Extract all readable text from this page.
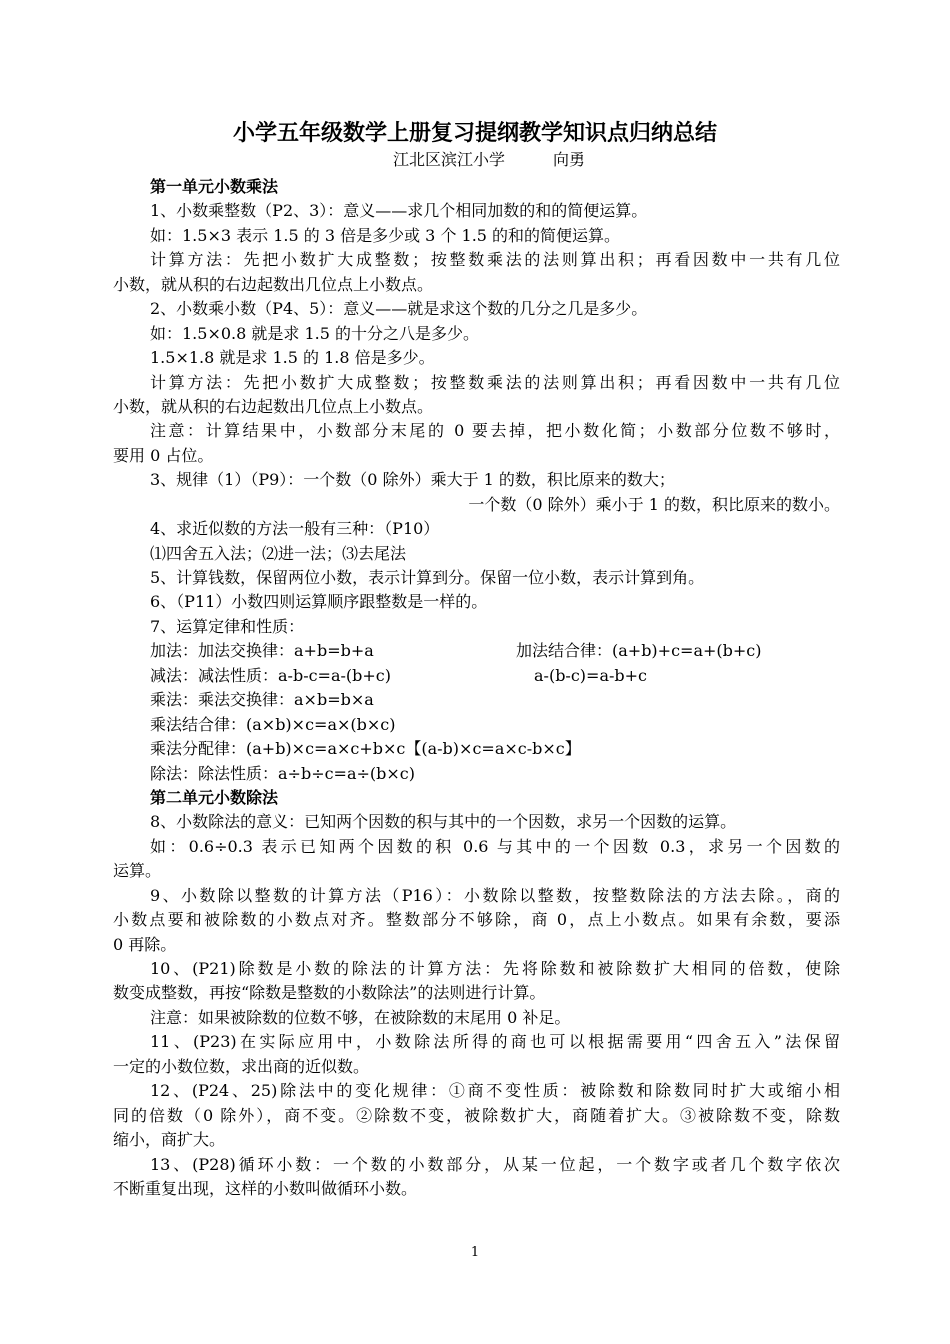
小学五年级数学上册复习提纲教学知识点归纳总结
江北区滨江小学	向勇
第一单元小数乘法
1、小数乘整数（P2、3）：意义——求几个相同加数的和的简便运算。
如：1.5×3 表示 1.5 的 3 倍是多少或 3 个 1.5 的和的简便运算。
计算方法：先把小数扩大成整数；按整数乘法的法则算出积；再看因数中一共有几位
小数，就从积的右边起数出几位点上小数点。
2、小数乘小数（P4、5）：意义——就是求这个数的几分之几是多少。
如：1.5×0.8 就是求 1.5 的十分之八是多少。
1.5×1.8 就是求 1.5 的 1.8 倍是多少。
计算方法：先把小数扩大成整数；按整数乘法的法则算出积；再看因数中一共有几位
小数，就从积的右边起数出几位点上小数点。
注意：计算结果中，小数部分末尾的 0 要去掉，把小数化简；小数部分位数不够时，
要用 0 占位。
3、规律（1）（P9）：一个数（0 除外）乘大于 1 的数，积比原来的数大；
一个数（0 除外）乘小于 1 的数，积比原来的数小。
4、求近似数的方法一般有三种：（P10）
⑴四舍五入法；⑵进一法；⑶去尾法
5、计算钱数，保留两位小数，表示计算到分。保留一位小数，表示计算到角。
6、（P11）小数四则运算顺序跟整数是一样的。
7、运算定律和性质：
加法：加法交换律：a+b=b+a	加法结合律：(a+b)+c=a+(b+c)
减法：减法性质：a-b-c=a-(b+c)	a-(b-c)=a-b+c
乘法：乘法交换律：a×b=b×a
乘法结合律：(a×b)×c=a×(b×c)
乘法分配律：(a+b)×c=a×c+b×c【(a-b)×c=a×c-b×c】
除法：除法性质：a÷b÷c=a÷(b×c)
第二单元小数除法
8、小数除法的意义：已知两个因数的积与其中的一个因数，求另一个因数的运算。
如：0.6÷0.3 表示已知两个因数的积 0.6 与其中的一个因数 0.3，求另一个因数的
运算。
9、小数除以整数的计算方法（P16）：小数除以整数，按整数除法的方法去除。，商的
小数点要和被除数的小数点对齐。整数部分不够除，商 0，点上小数点。如果有余数，要添
0 再除。
10、(P21)除数是小数的除法的计算方法：先将除数和被除数扩大相同的倍数，使除
数变成整数，再按“除数是整数的小数除法”的法则进行计算。
注意：如果被除数的位数不够，在被除数的末尾用 0 补足。
11、(P23)在实际应用中，小数除法所得的商也可以根据需要用“四舍五入”法保留
一定的小数位数，求出商的近似数。
12、(P24、25)除法中的变化规律：①商不变性质：被除数和除数同时扩大或缩小相
同的倍数（0 除外），商不变。②除数不变，被除数扩大，商随着扩大。③被除数不变，除数
缩小，商扩大。
13、(P28)循环小数：一个数的小数部分，从某一位起，一个数字或者几个数字依次
不断重复出现，这样的小数叫做循环小数。
1
